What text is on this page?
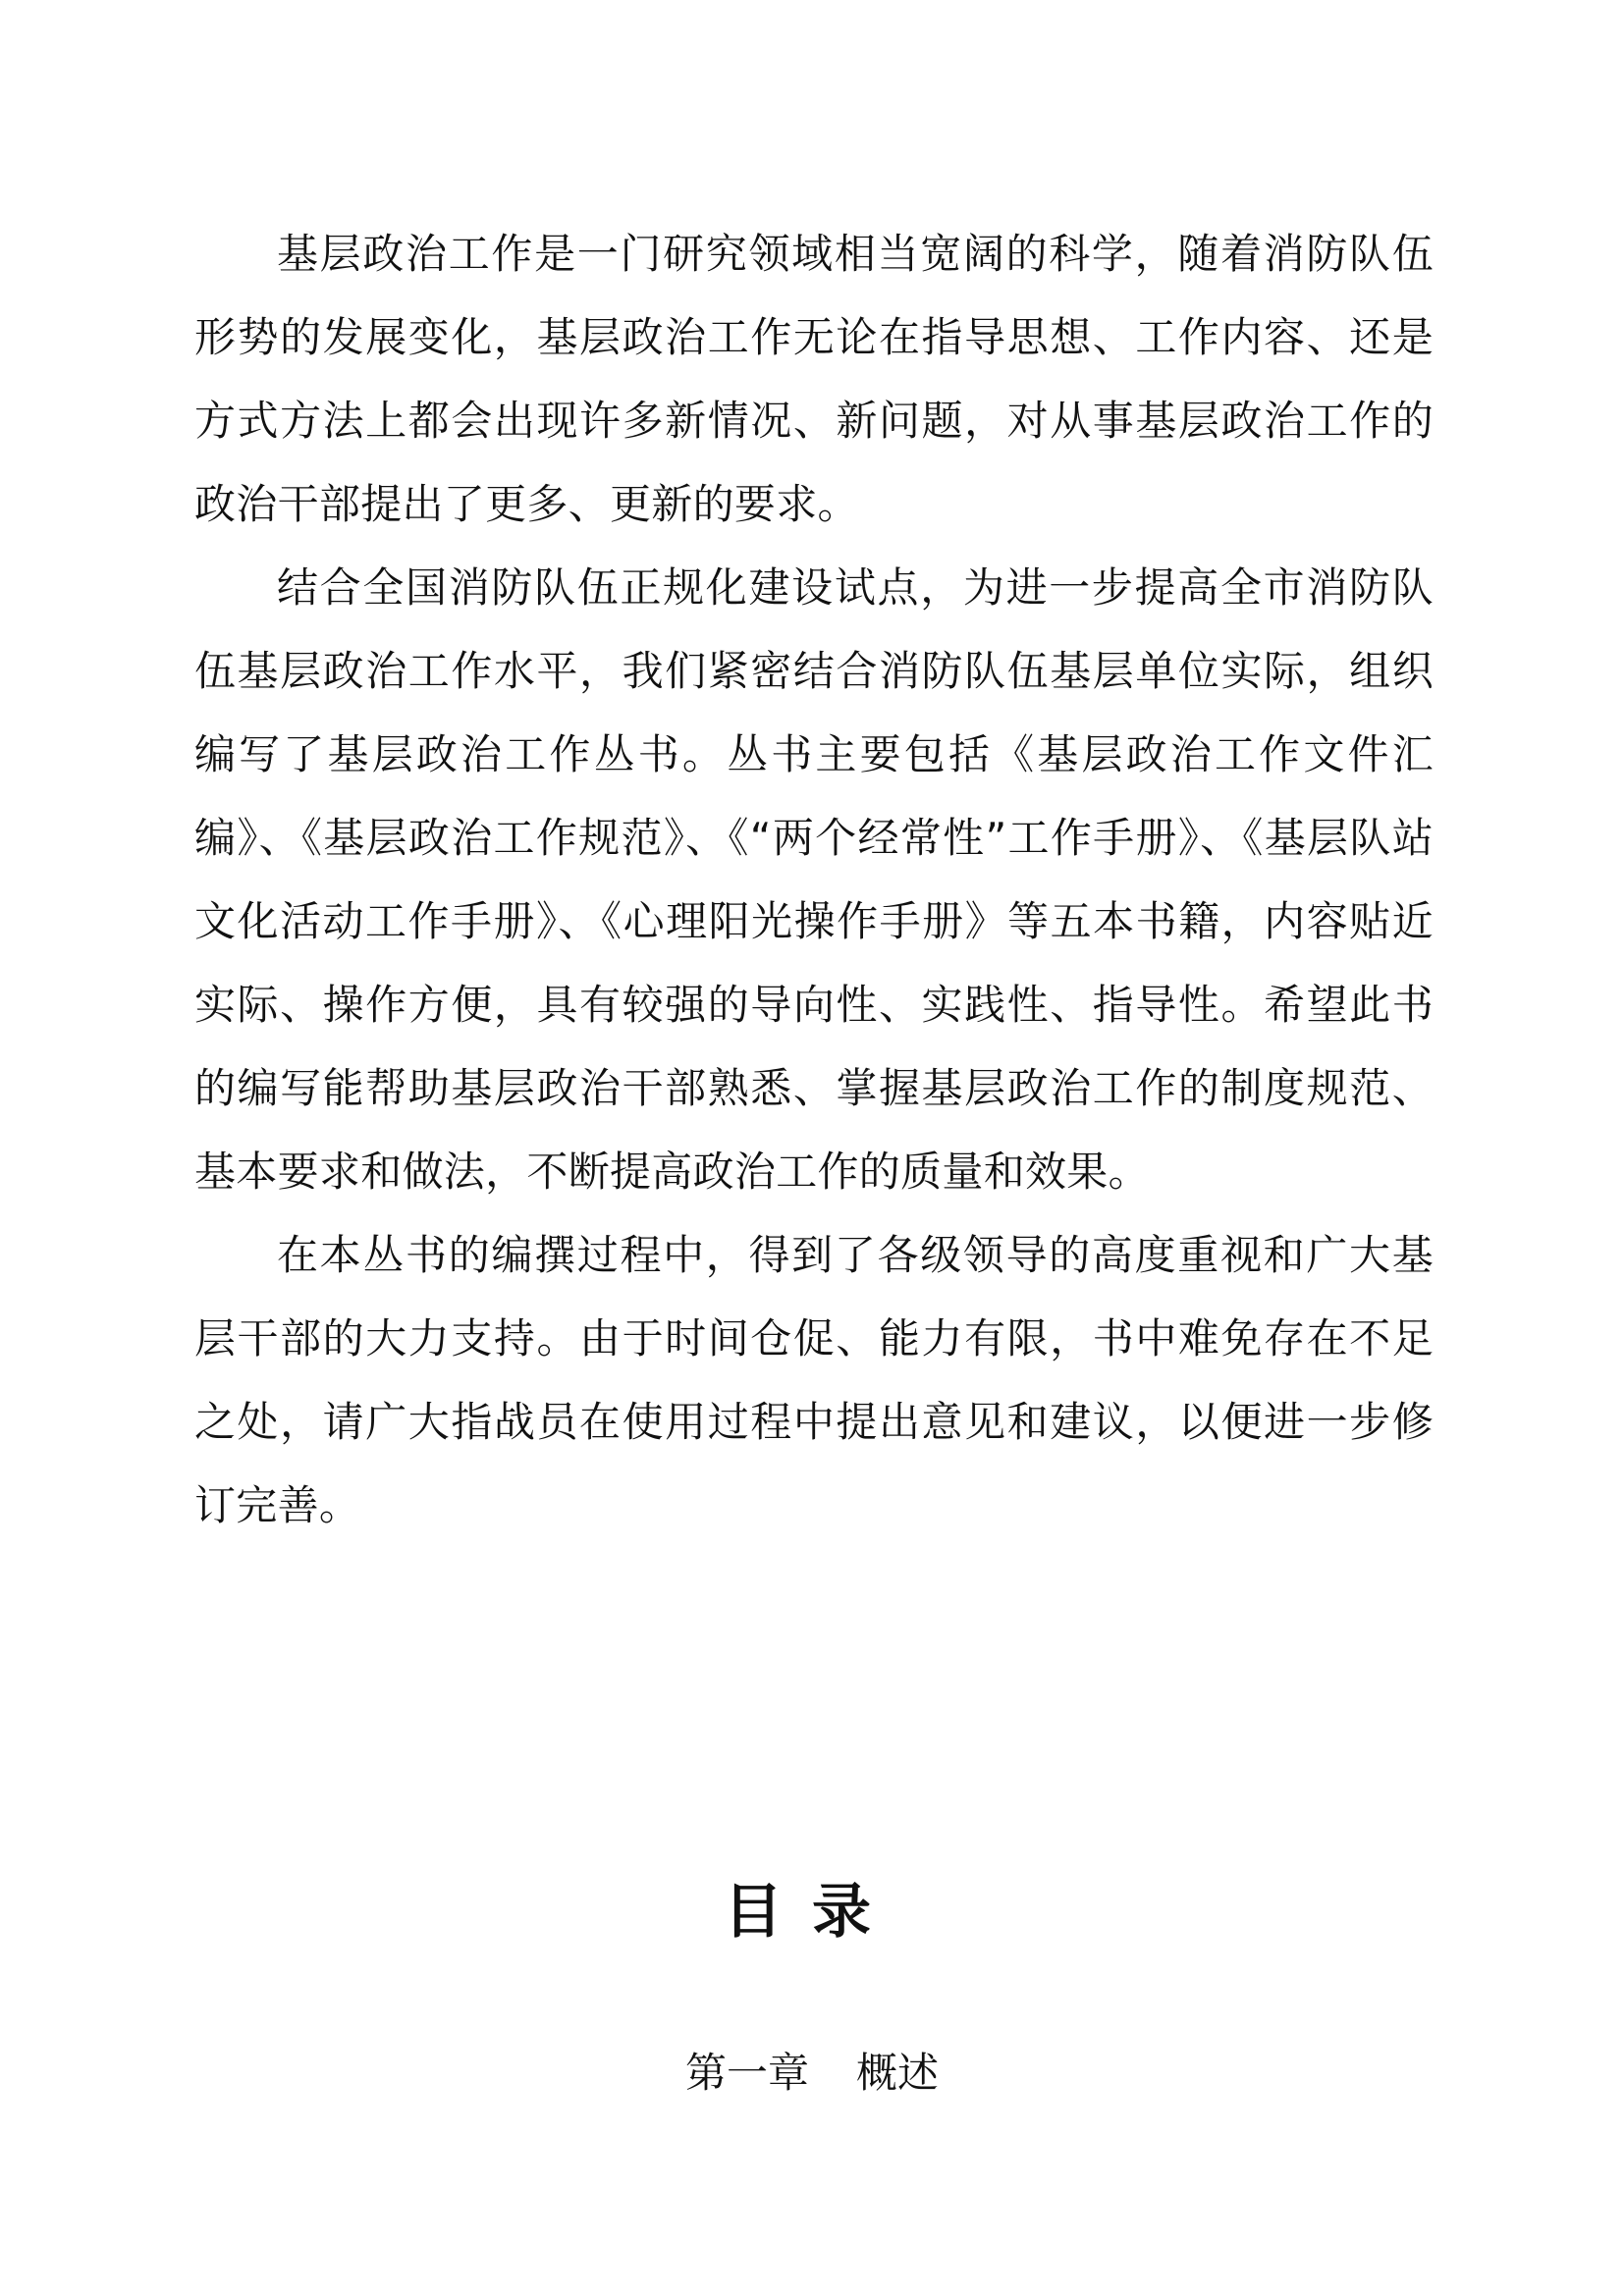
基层政治工作是一门研究领域相当宽阔的科学，随着消防队伍形势的发展变化，基层政治工作无论在指导思想、工作内容、还是方式方法上都会出现许多新情况、新问题，对从事基层政治工作的政治干部提出了更多、更新的要求。

结合全国消防队伍正规化建设试点，为进一步提高全市消防队伍基层政治工作水平，我们紧密结合消防队伍基层单位实际，组织编写了基层政治工作丛书。丛书主要包括《基层政治工作文件汇编》、《基层政治工作规范》、《“两个经常性”工作手册》、《基层队站文化活动工作手册》、《心理阳光操作手册》等五本书籍，内容贴近实际、操作方便，具有较强的导向性、实践性、指导性。希望此书的编写能帮助基层政治干部熟悉、掌握基层政治工作的制度规范、基本要求和做法，不断提高政治工作的质量和效果。

在本丛书的编撰过程中，得到了各级领导的高度重视和广大基层干部的大力支持。由于时间仓促、能力有限，书中难免存在不足之处，请广大指战员在使用过程中提出意见和建议，以便进一步修订完善。

目录
第一章 概述
